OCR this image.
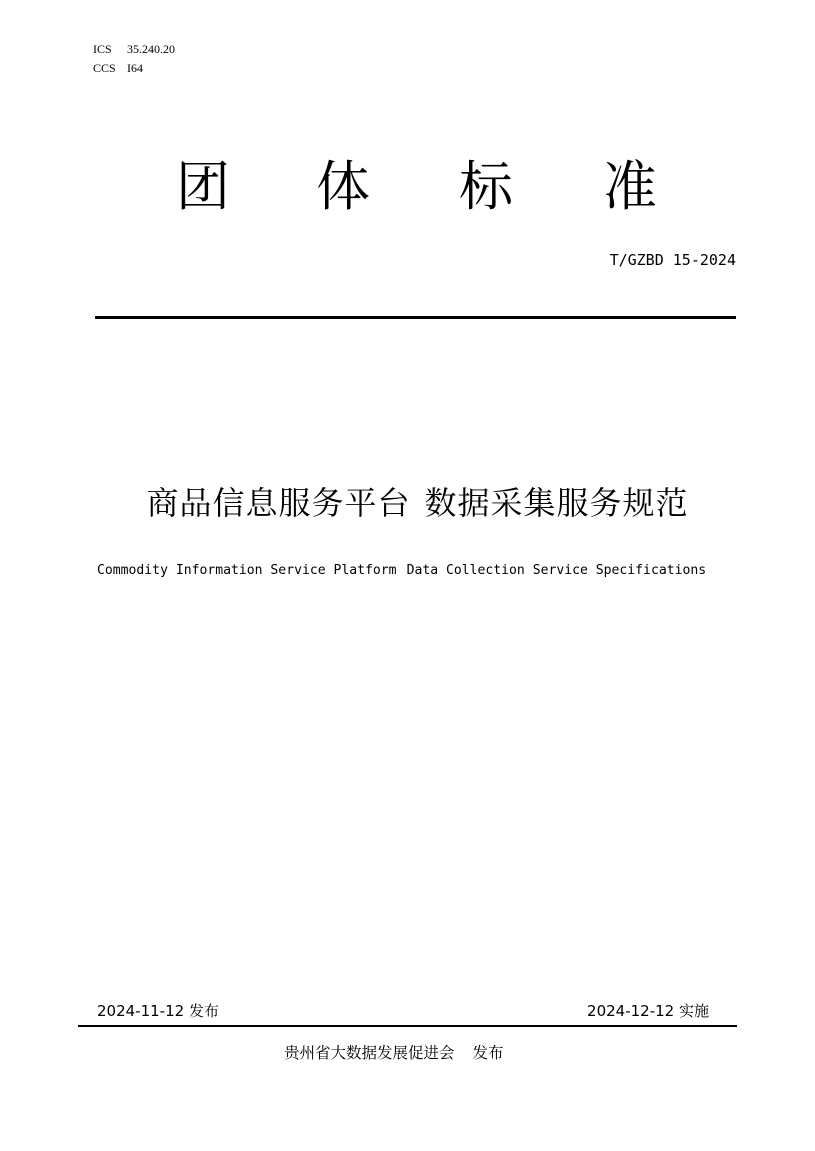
ICS 35.240.20
CCS I64
团 体 标 准
T/GZBD 15-2024
商品信息服务平台 数据采集服务规范
Commodity Information Service Platform Data Collection Service Specifications
2024-11-12 发布	2024-12-12 实施
贵州省大数据发展促进会 发布
